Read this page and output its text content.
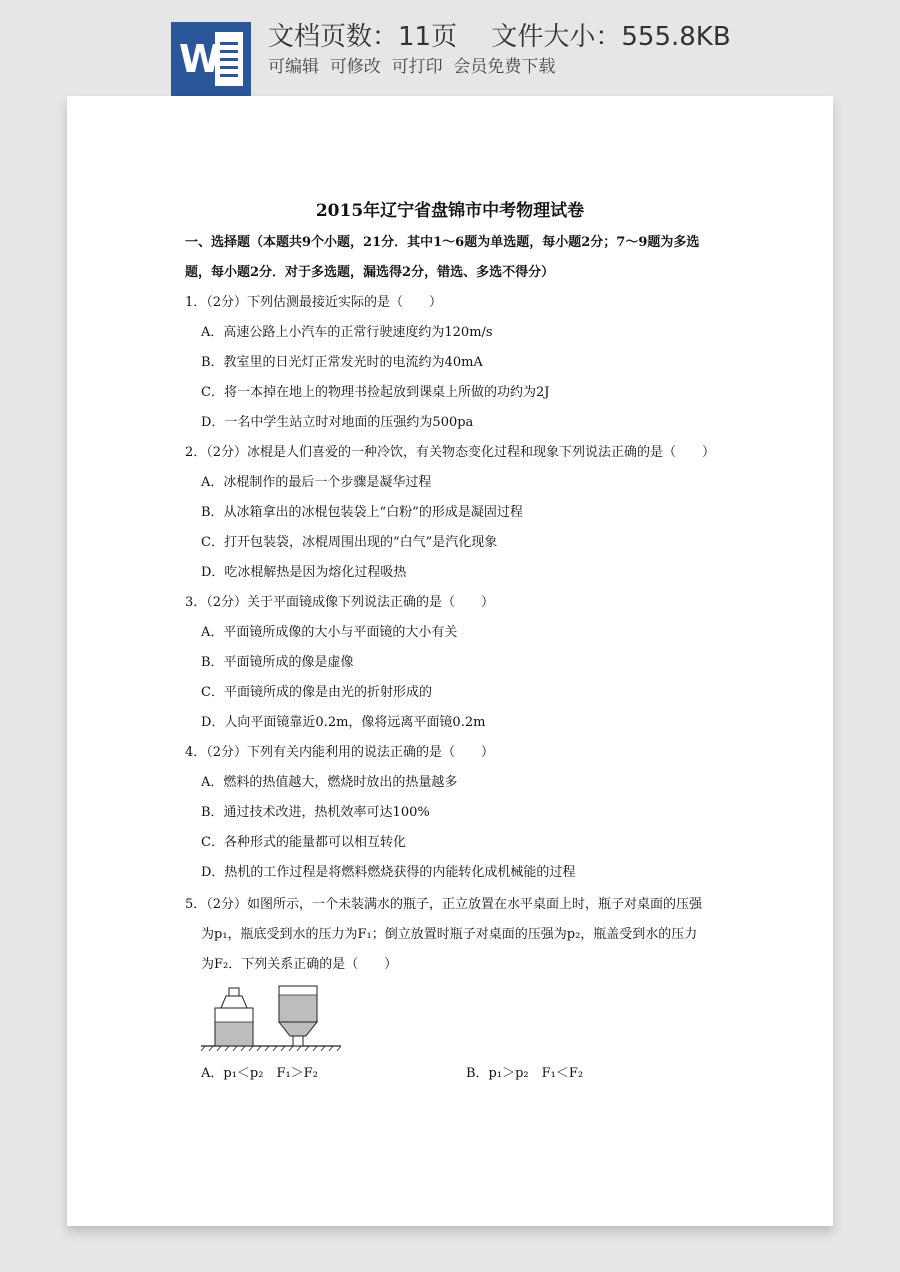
W 文档页数：11页　 文件大小：555.8KB
可编辑  可修改  可打印  会员免费下载
2015年辽宁省盘锦市中考物理试卷
一、选择题（本题共9个小题，21分．其中1～6题为单选题，每小题2分；7～9题为多选
题，每小题2分．对于多选题，漏选得2分，错选、多选不得分）
1．（2分）下列估测最接近实际的是（　　）
A．高速公路上小汽车的正常行驶速度约为120m/s
B．教室里的日光灯正常发光时的电流约为40mA
C．将一本掉在地上的物理书捡起放到课桌上所做的功约为2J
D．一名中学生站立时对地面的压强约为500pa
2．（2分）冰棍是人们喜爱的一种冷饮，有关物态变化过程和现象下列说法正确的是（　　）
A．冰棍制作的最后一个步骤是凝华过程
B．从冰箱拿出的冰棍包装袋上“白粉”的形成是凝固过程
C．打开包装袋，冰棍周围出现的“白气”是汽化现象
D．吃冰棍解热是因为熔化过程吸热
3．（2分）关于平面镜成像下列说法正确的是（　　）
A．平面镜所成像的大小与平面镜的大小有关
B．平面镜所成的像是虚像
C．平面镜所成的像是由光的折射形成的
D．人向平面镜靠近0.2m，像将远离平面镜0.2m
4．（2分）下列有关内能利用的说法正确的是（　　）
A．燃料的热值越大，燃烧时放出的热量越多
B．通过技术改进，热机效率可达100%
C．各种形式的能量都可以相互转化
D．热机的工作过程是将燃料燃烧获得的内能转化成机械能的过程
5．（2分）如图所示，一个未装满水的瓶子，正立放置在水平桌面上时，瓶子对桌面的压强
为p₁，瓶底受到水的压力为F₁；倒立放置时瓶子对桌面的压强为p₂，瓶盖受到水的压力
为F₂．下列关系正确的是（　　）
A．p₁＜p₂　F₁＞F₂	B．p₁＞p₂　F₁＜F₂
